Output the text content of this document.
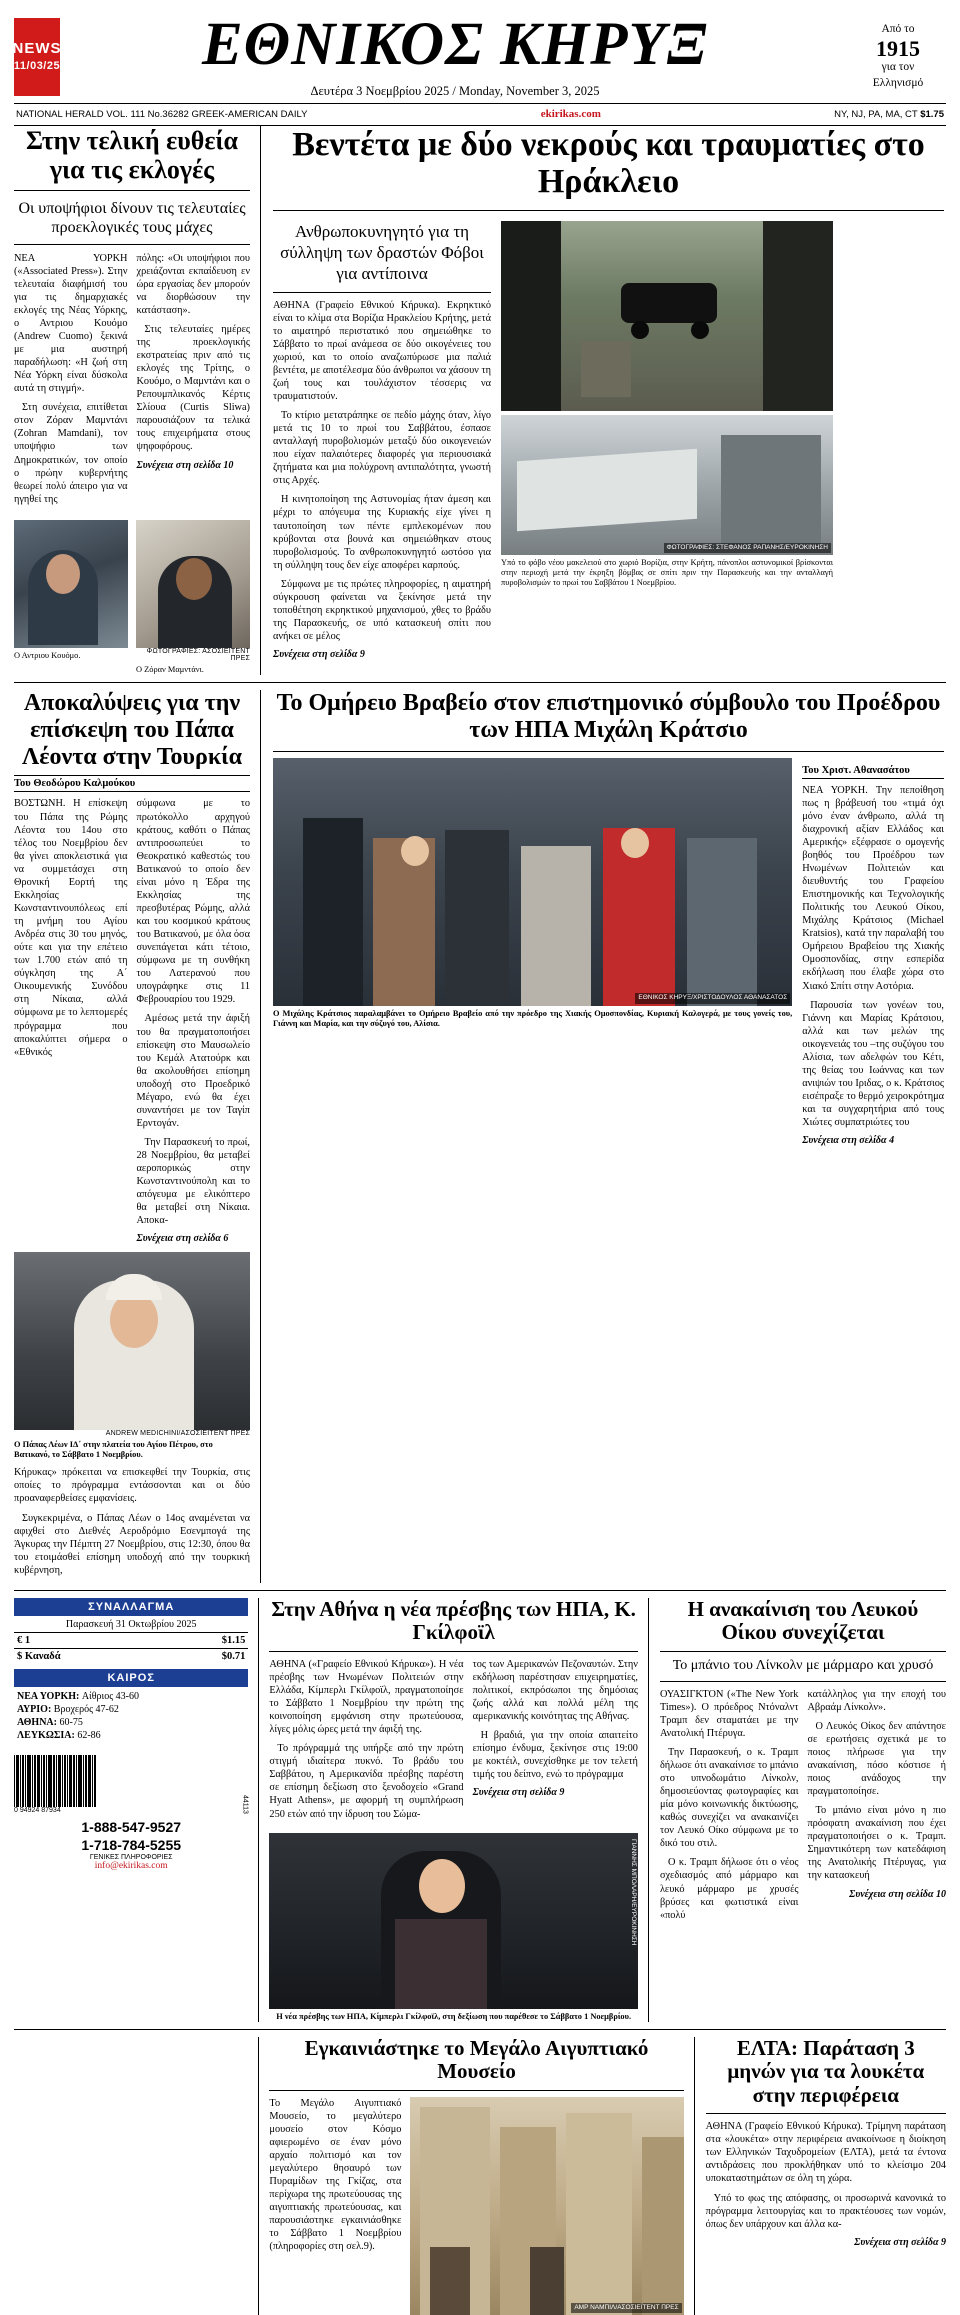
NEWS
11/03/25	ΕΘΝΙΚΟΣ ΚΗΡΥΞ
Δευτέρα 3 Νοεμβρίου 2025 / Monday, November 3, 2025
Από το
1915
για τον
Ελληνισμό
NATIONAL HERALD VOL. 111 No.36282 GREEK-AMERICAN DAILY	ekirikas.com	NY, NJ, PA, MA, CT $1.75
Στην τελική ευθεία για τις εκλογές
Οι υποψήφιοι δίνουν τις τελευταίες προεκλογικές τους μάχες

ΝΕΑ ΥΟΡΚΗ («Associated Press»). Στην τελευταία διαφήμισή του για τις δημαρχιακές εκλογές της Νέας Υόρκης, ο Αντριου Κουόμο (Andrew Cuomo) ξεκινά με μια αυστηρή παραδήλωση: «Η ζωή στη Νέα Υόρκη είναι δύσκολα αυτά τη στιγμή».

Στη συνέχεια, επιτίθεται στον Ζόραν Μαμντάνι (Zohran Mamdani), τον υποψήφιο των Δημοκρατικών, τον οποίο ο πρώην κυβερνήτης θεωρεί πολύ άπειρο για να ηγηθεί της

πόλης: «Οι υποψήφιοι που χρειάζονται εκπαίδευση εν ώρα εργασίας δεν μπορούν να διορθώσουν την κατάσταση».

Στις τελευταίες ημέρες της προεκλογικής εκστρατείας πριν από τις εκλογές της Τρίτης, ο Κουόμο, ο Μαμντάνι και ο Ρεπουμπλικανός Κέρτις Σλίουα (Curtis Sliwa) παρουσιάζουν τα τελικά τους επιχειρήματα στους ψηφοφόρους.

Συνέχεια στη σελίδα 10
Ο Αντριου Κουόμο.	ΦΩΤΟΓΡΑΦΙΕΣ: ΑΣΟΣΙΕΪΤΕΝΤ ΠΡΕΣ
Ο Ζόραν Μαμντάνι.
Βεντέτα με δύο νεκρούς και τραυματίες στο Ηράκλειο
Ανθρωποκυνηγητό για τη σύλληψη των δραστών Φόβοι για αντίποινα

ΑΘΗΝΑ (Γραφείο Εθνικού Κήρυκα). Εκρηκτικό είναι το κλίμα στα Βορίζια Ηρακλείου Κρήτης, μετά το αιματηρό περιστατικό που σημειώθηκε το Σάββατο το πρωί ανάμεσα σε δύο οικογένειες του χωριού, και το οποίο αναζωπύρωσε μια παλιά βεντέτα, με αποτέλεσμα δύο άνθρωποι να χάσουν τη ζωή τους και τουλάχιστον τέσσερις να τραυματιστούν.

Το κτίριο μετατράπηκε σε πεδίο μάχης όταν, λίγο μετά τις 10 το πρωί του Σαββάτου, έσπασε ανταλλαγή πυροβολισμών μεταξύ δύο οικογενειών που είχαν παλαιότερες διαφορές για περιουσιακά ζητήματα και μια πολύχρονη αντιπαλότητα, γνωστή στις Αρχές.

Η κινητοποίηση της Αστυνομίας ήταν άμεση και μέχρι το απόγευμα της Κυριακής είχε γίνει η ταυτοποίηση των πέντε εμπλεκομένων που κρύβονται στα βουνά και σημειώθηκαν στους πυροβολισμούς. Το ανθρωποκυνηγητό ωστόσο για τη σύλληψη τους δεν είχε αποφέρει καρπούς.

Σύμφωνα με τις πρώτες πληροφορίες, η αιματηρή σύγκρουση φαίνεται να ξεκίνησε μετά την τοποθέτηση εκρηκτικού μηχανισμού, χθες το βράδυ της Παρασκευής, σε υπό κατασκευή σπίτι που ανήκει σε μέλος

Συνέχεια στη σελίδα 9
ΦΩΤΟΓΡΑΦΙΕΣ: ΣΤΕΦΑΝΟΣ ΡΑΠΑΝΗΣ/ΕΥΡΟΚΙΝΗΣΗ
Υπό το φόβο νέου μακελειού στο χωριό Βορίζια, στην Κρήτη, πάνοπλοι αστυνομικοί βρίσκονται στην περιοχή μετά την έκρηξη βόμβας σε σπίτι πριν την Παρασκευής και την ανταλλαγή πυροβολισμών το πρωί του Σαββάτου 1 Νοεμβρίου.
Αποκαλύψεις για την επίσκεψη του Πάπα Λέοντα στην Τουρκία
Του Θεοδώρου Καλμούκου

ΒΟΣΤΩΝΗ. Η επίσκεψη του Πάπα της Ρώμης Λέοντα του 14ου στο τέλος του Νοεμβρίου δεν θα γίνει αποκλειστικά για να συμμετάσχει στη Θρονική Εορτή της Εκκλησίας Κωνσταντινουπόλεως επί τη μνήμη του Αγίου Ανδρέα στις 30 του μηνός, ούτε και για την επέτειο των 1.700 ετών από τη σύγκληση της Α΄ Οικουμενικής Συνόδου στη Νίκαια, αλλά σύμφωνα με το λεπτομερές πρόγραμμα που αποκαλύπτει σήμερα ο «Εθνικός

σύμφωνα με το πρωτόκολλο αρχηγού κράτους, καθότι ο Πάπας αντιπροσωπεύει το Θεοκρατικό καθεστώς του Βατικανού το οποίο δεν είναι μόνο η Έδρα της Εκκλησίας της πρεσβυτέρας Ρώμης, αλλά και του κοσμικού κράτους του Βατικανού, με όλα όσα συνεπάγεται κάτι τέτοιο, σύμφωνα με τη συνθήκη του Λατερανού που υπογράφηκε στις 11 Φεβρουαρίου του 1929.

Αμέσως μετά την άφιξή του θα πραγματοποιήσει επίσκεψη στο Μαυσωλείο του Κεμάλ Ατατούρκ και θα ακολουθήσει επίσημη υποδοχή στο Προεδρικό Μέγαρο, ενώ θα έχει συναντήσει με τον Ταγίπ Ερντογάν.

Την Παρασκευή το πρωί, 28 Νοεμβρίου, θα μεταβεί αεροπορικώς στην Κωνσταντινούπολη και το απόγευμα με ελικόπτερο θα μεταβεί στη Νίκαια. Αποκα-

Συνέχεια στη σελίδα 6
ANDREW MEDICHINI/ΑΣΟΣΙΕΪΤΕΝΤ ΠΡΕΣ
Ο Πάπας Λέων ΙΔ΄ στην πλατεία του Αγίου Πέτρου, στο Βατικανό, το Σάββατο 1 Νοεμβρίου.

Κήρυκας» πρόκειται να επισκεφθεί την Τουρκία, στις οποίες το πρόγραμμα εντάσσονται και οι δύο προαναφερθείσες εμφανίσεις.

Συγκεκριμένα, ο Πάπας Λέων ο 14ος αναμένεται να αφιχθεί στο Διεθνές Αεροδρόμιο Εσενμπογά της Άγκυρας την Πέμπτη 27 Νοεμβρίου, στις 12:30, όπου θα του ετοιμάσθεί επίσημη υποδοχή από την τουρκική κυβέρνηση,

Το Ομήρειο Βραβείο στον επιστημονικό σύμβουλο του Προέδρου των ΗΠΑ Μιχάλη Κράτσιο
ΕΘΝΙΚΟΣ ΚΗΡΥΞ/ΧΡΙΣΤΟΔΟΥΛΟΣ ΑΘΑΝΑΣΑΤΟΣ
Ο Μιχάλης Κράτσιος παραλαμβάνει το Ομήρειο Βραβείο από την πρόεδρο της Χιακής Ομοσπονδίας, Κυριακή Καλογερά, με τους γονείς του, Γιάννη και Μαρία, και την σύζυγό του, Αλίσια.
Του Χριστ. Αθανασάτου

ΝΕΑ ΥΟΡΚΗ. Την πεποίθηση πως η βράβευσή του «τιμά όχι μόνο έναν άνθρωπο, αλλά τη διαχρονική αξίαν Ελλάδος και Αμερικής» εξέφρασε ο ομογενής βοηθός του Προέδρου των Ηνωμένων Πολιτειών και διευθυντής του Γραφείου Επιστημονικής και Τεχνολογικής Πολιτικής του Λευκού Οίκου, Μιχάλης Κράτσιος (Michael Kratsios), κατά την παραλαβή του Ομήρειου Βραβείου της Χιακής Ομοσπονδίας, στην εσπερίδα εκδήλωση που έλαβε χώρα στο Χιακό Σπίτι στην Αστόρια.

Παρουσία των γονέων του, Γιάννη και Μαρίας Κράτσιου, αλλά και των μελών της οικογενειάς του –της συζύγου του Αλίσια, των αδελφών του Κέτι, της θείας του Ιωάννας και των ανιψιών του Ιριδας, ο κ. Κράτσιος εισέπραξε το θερμό χειροκρότημα και τα συγχαρητήρια από τους Χιώτες συμπατριώτες του

Συνέχεια στη σελίδα 4
ΣΥΝΑΛΛΑΓΜΑ
Παρασκευή 31 Οκτωβρίου 2025
€ 1	$1.15
$ Καναδά	$0.71
ΚΑΙΡΟΣ
ΝΕΑ ΥΟΡΚΗ: Αίθριος 43-60
ΑΥΡΙΟ: Βροχερός 47-62
ΑΘΗΝΑ: 60-75
ΛΕΥΚΩΣΙΑ: 62-86
0 94924 87934	44113
1-888-547-9527
1-718-784-5255
ΓΕΝΙΚΕΣ ΠΛΗΡΟΦΟΡΙΕΣ
info@ekirikas.com
Στην Αθήνα η νέα πρέσβης των ΗΠΑ, Κ. Γκίλφοϊλ

ΑΘΗΝΑ («Γραφείο Εθνικού Κήρυκα»). Η νέα πρέσβης των Ηνωμένων Πολιτειών στην Ελλάδα, Κίμπερλι Γκίλφοϊλ, πραγματοποίησε το Σάββατο 1 Νοεμβρίου την πρώτη της κοινοποίηση εμφάνιση στην πρωτεύουσα, λίγες μόλις ώρες μετά την άφιξή της.

Το πρόγραμμά της υπήρξε από την πρώτη στιγμή ιδιαίτερα πυκνό. Το βράδυ του Σαββάτου, η Αμερικανίδα πρέσβης παρέστη σε επίσημη δεξίωση στο ξενοδοχείο «Grand Hyatt Athens», με αφορμή τη συμπλήρωση 250 ετών από την ίδρυση του Σώμα-

τος των Αμερικανών Πεζοναυτών. Στην εκδήλωση παρέστησαν επιχειρηματίες, πολιτικοί, εκπρόσωποι της δημόσιας ζωής αλλά και πολλά μέλη της αμερικανικής κοινότητας της Αθήνας.

Η βραδιά, για την οποία απαιτείτο επίσημο ένδυμα, ξεκίνησε στις 19:00 με κοκτέιλ, συνεχίσθηκε με τον τελετή τιμής του δείπνο, ενώ το πρόγραμμα

Συνέχεια στη σελίδα 9
ΓΙΑΝΝΗΣ ΜΠΟΛΑΡΗ/ΕΥΡΟΚΙΝΗΣΗ
Η νέα πρέσβης των ΗΠΑ, Κίμπερλι Γκίλφοϊλ, στη δεξίωση που παρέθεσε το Σάββατο 1 Νοεμβρίου.
Η ανακαίνιση του Λευκού Οίκου συνεχίζεται
Το μπάνιο του Λίνκολν με μάρμαρο και χρυσό

ΟΥΑΣΙΓΚΤΟΝ («The New York Times»). Ο πρόεδρος Ντόναλντ Τραμπ δεν σταματάει με την Ανατολική Πτέρυγα.

Την Παρασκευή, ο κ. Τραμπ δήλωσε ότι ανακαίνισε το μπάνιο στο υπνοδωμάτιο Λίνκολν, δημοσιεύοντας φωτογραφίες και μία μόνο κοινωνικής δικτύωσης, καθώς συνεχίζει να ανακαινίζει τον Λευκό Οίκο σύμφωνα με το δικό του στιλ.

Ο κ. Τραμπ δήλωσε ότι ο νέος σχεδιασμός από μάρμαρο και λευκό μάρμαρο με χρυσές βρύσες και φωτιστικά είναι «πολύ

κατάλληλος για την εποχή του Αβραάμ Λίνκολν».

Ο Λευκός Οίκος δεν απάντησε σε ερωτήσεις σχετικά με το ποιος πλήρωσε για την ανακαίνιση, πόσο κόστισε ή ποιος ανάδοχος την πραγματοποίησε.

Το μπάνιο είναι μόνο η πιο πρόσφατη ανακαίνιση που έχει πραγματοποιήσει ο κ. Τραμπ. Σημαντικότερη των κατεδάφιση της Ανατολικής Πτέρυγας, για την κατασκευή

Συνέχεια στη σελίδα 10
Εγκαινιάστηκε το Μεγάλο Αιγυπτιακό Μουσείο

Το Μεγάλο Αιγυπτιακό Μουσείο, το μεγαλύτερο μουσείο στον Κόσμο αφιερωμένο σε έναν μόνο αρχαίο πολιτισμό και τον μεγαλύτερο θησαυρό των Πυραμίδων της Γκίζας, στα περίχωρα της πρωτεύουσας της αιγυπτιακής πρωτεύουσας, και παρουσιάστηκε εγκαινιάσθηκε το Σάββατο 1 Νοεμβρίου (πληροφορίες στη σελ.9).

ΑΜΡ ΝΑΜΠΙΛ/ΑΣΟΣΙΕΪΤΕΝΤ ΠΡΕΣ
ΕΛΤΑ: Παράταση 3 μηνών για τα λουκέτα στην περιφέρεια

ΑΘΗΝΑ (Γραφείο Εθνικού Κήρυκα). Τρίμηνη παράταση στα «λουκέτα» στην περιφέρεια ανακοίνωσε η διοίκηση των Ελληνικών Ταχυδρομείων (ΕΛΤΑ), μετά τα έντονα αντιδράσεις που προκλήθηκαν υπό το κλείσιμο 204 υποκαταστημάτων σε όλη τη χώρα.

Υπό το φως της απόφασης, οι προσωρινά κανονικά το πρόγραμμα λειτουργίας και το πρακτέουσες των νομών, όπως δεν υπάρχουν και άλλα κα-

Συνέχεια στη σελίδα 9
